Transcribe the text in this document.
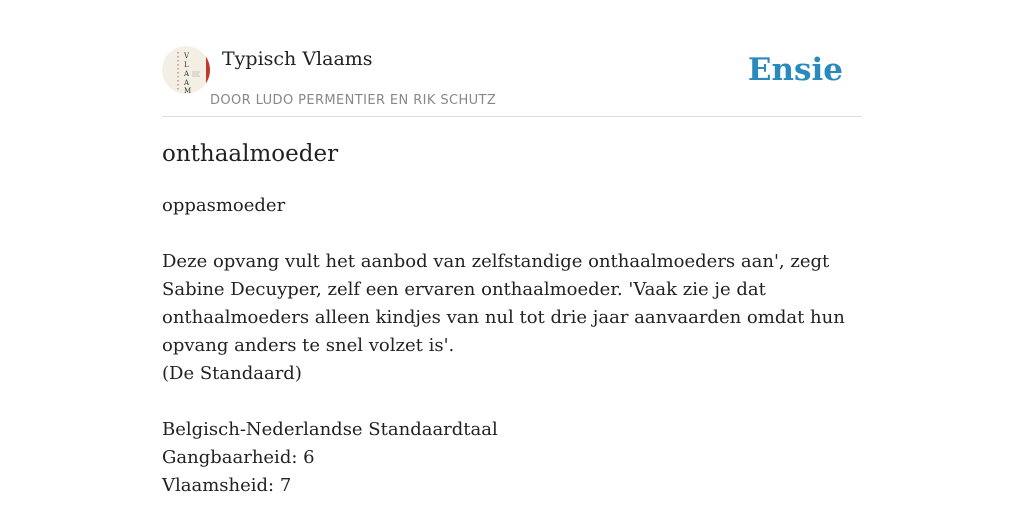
V
L
A
A
M
Typisch Vlaams
DOOR LUDO PERMENTIER EN RIK SCHUTZ
Ensie
onthaalmoeder

oppasmoeder

Deze opvang vult het aanbod van zelfstandige onthaalmoeders aan', zegt Sabine Decuyper, zelf een ervaren onthaalmoeder. 'Vaak zie je dat onthaalmoeders alleen kindjes van nul tot drie jaar aanvaarden omdat hun opvang anders te snel volzet is'.

(De Standaard)

Belgisch-Nederlandse Standaardtaal

Gangbaarheid: 6

Vlaamsheid: 7
